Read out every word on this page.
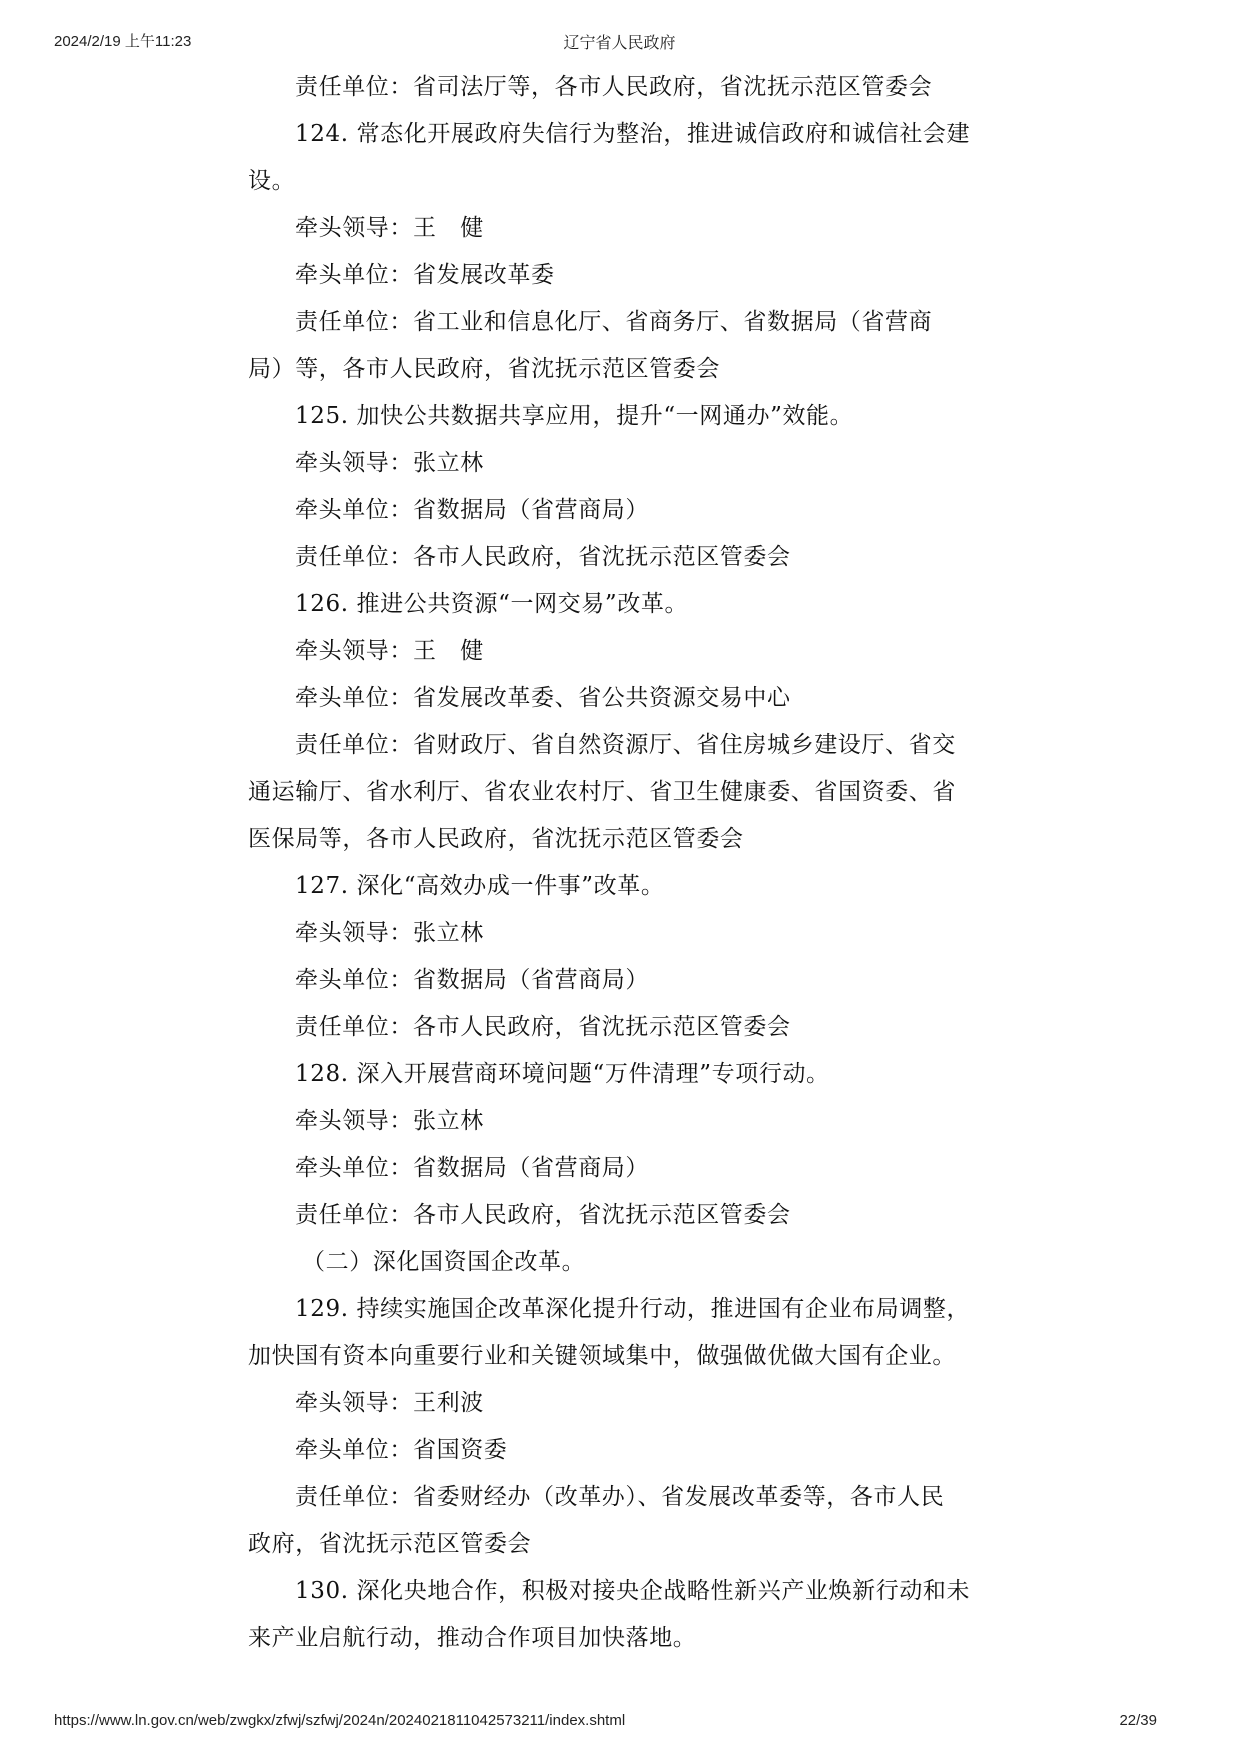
2024/2/19 上午11:23	辽宁省人民政府
责任单位：省司法厅等，各市人民政府，省沈抚示范区管委会
124. 常态化开展政府失信行为整治，推进诚信政府和诚信社会建
设。
牵头领导：王　健
牵头单位：省发展改革委
责任单位：省工业和信息化厅、省商务厅、省数据局（省营商
局）等，各市人民政府，省沈抚示范区管委会
125. 加快公共数据共享应用，提升“一网通办”效能。
牵头领导：张立林
牵头单位：省数据局（省营商局）
责任单位：各市人民政府，省沈抚示范区管委会
126. 推进公共资源“一网交易”改革。
牵头领导：王　健
牵头单位：省发展改革委、省公共资源交易中心
责任单位：省财政厅、省自然资源厅、省住房城乡建设厅、省交
通运输厅、省水利厅、省农业农村厅、省卫生健康委、省国资委、省
医保局等，各市人民政府，省沈抚示范区管委会
127. 深化“高效办成一件事”改革。
牵头领导：张立林
牵头单位：省数据局（省营商局）
责任单位：各市人民政府，省沈抚示范区管委会
128. 深入开展营商环境问题“万件清理”专项行动。
牵头领导：张立林
牵头单位：省数据局（省营商局）
责任单位：各市人民政府，省沈抚示范区管委会
（二）深化国资国企改革。
129. 持续实施国企改革深化提升行动，推进国有企业布局调整，
加快国有资本向重要行业和关键领域集中，做强做优做大国有企业。
牵头领导：王利波
牵头单位：省国资委
责任单位：省委财经办（改革办）、省发展改革委等，各市人民
政府，省沈抚示范区管委会
130. 深化央地合作，积极对接央企战略性新兴产业焕新行动和未
来产业启航行动，推动合作项目加快落地。
https://www.ln.gov.cn/web/zwgkx/zfwj/szfwj/2024n/2024021811042573211/index.shtml	22/39
